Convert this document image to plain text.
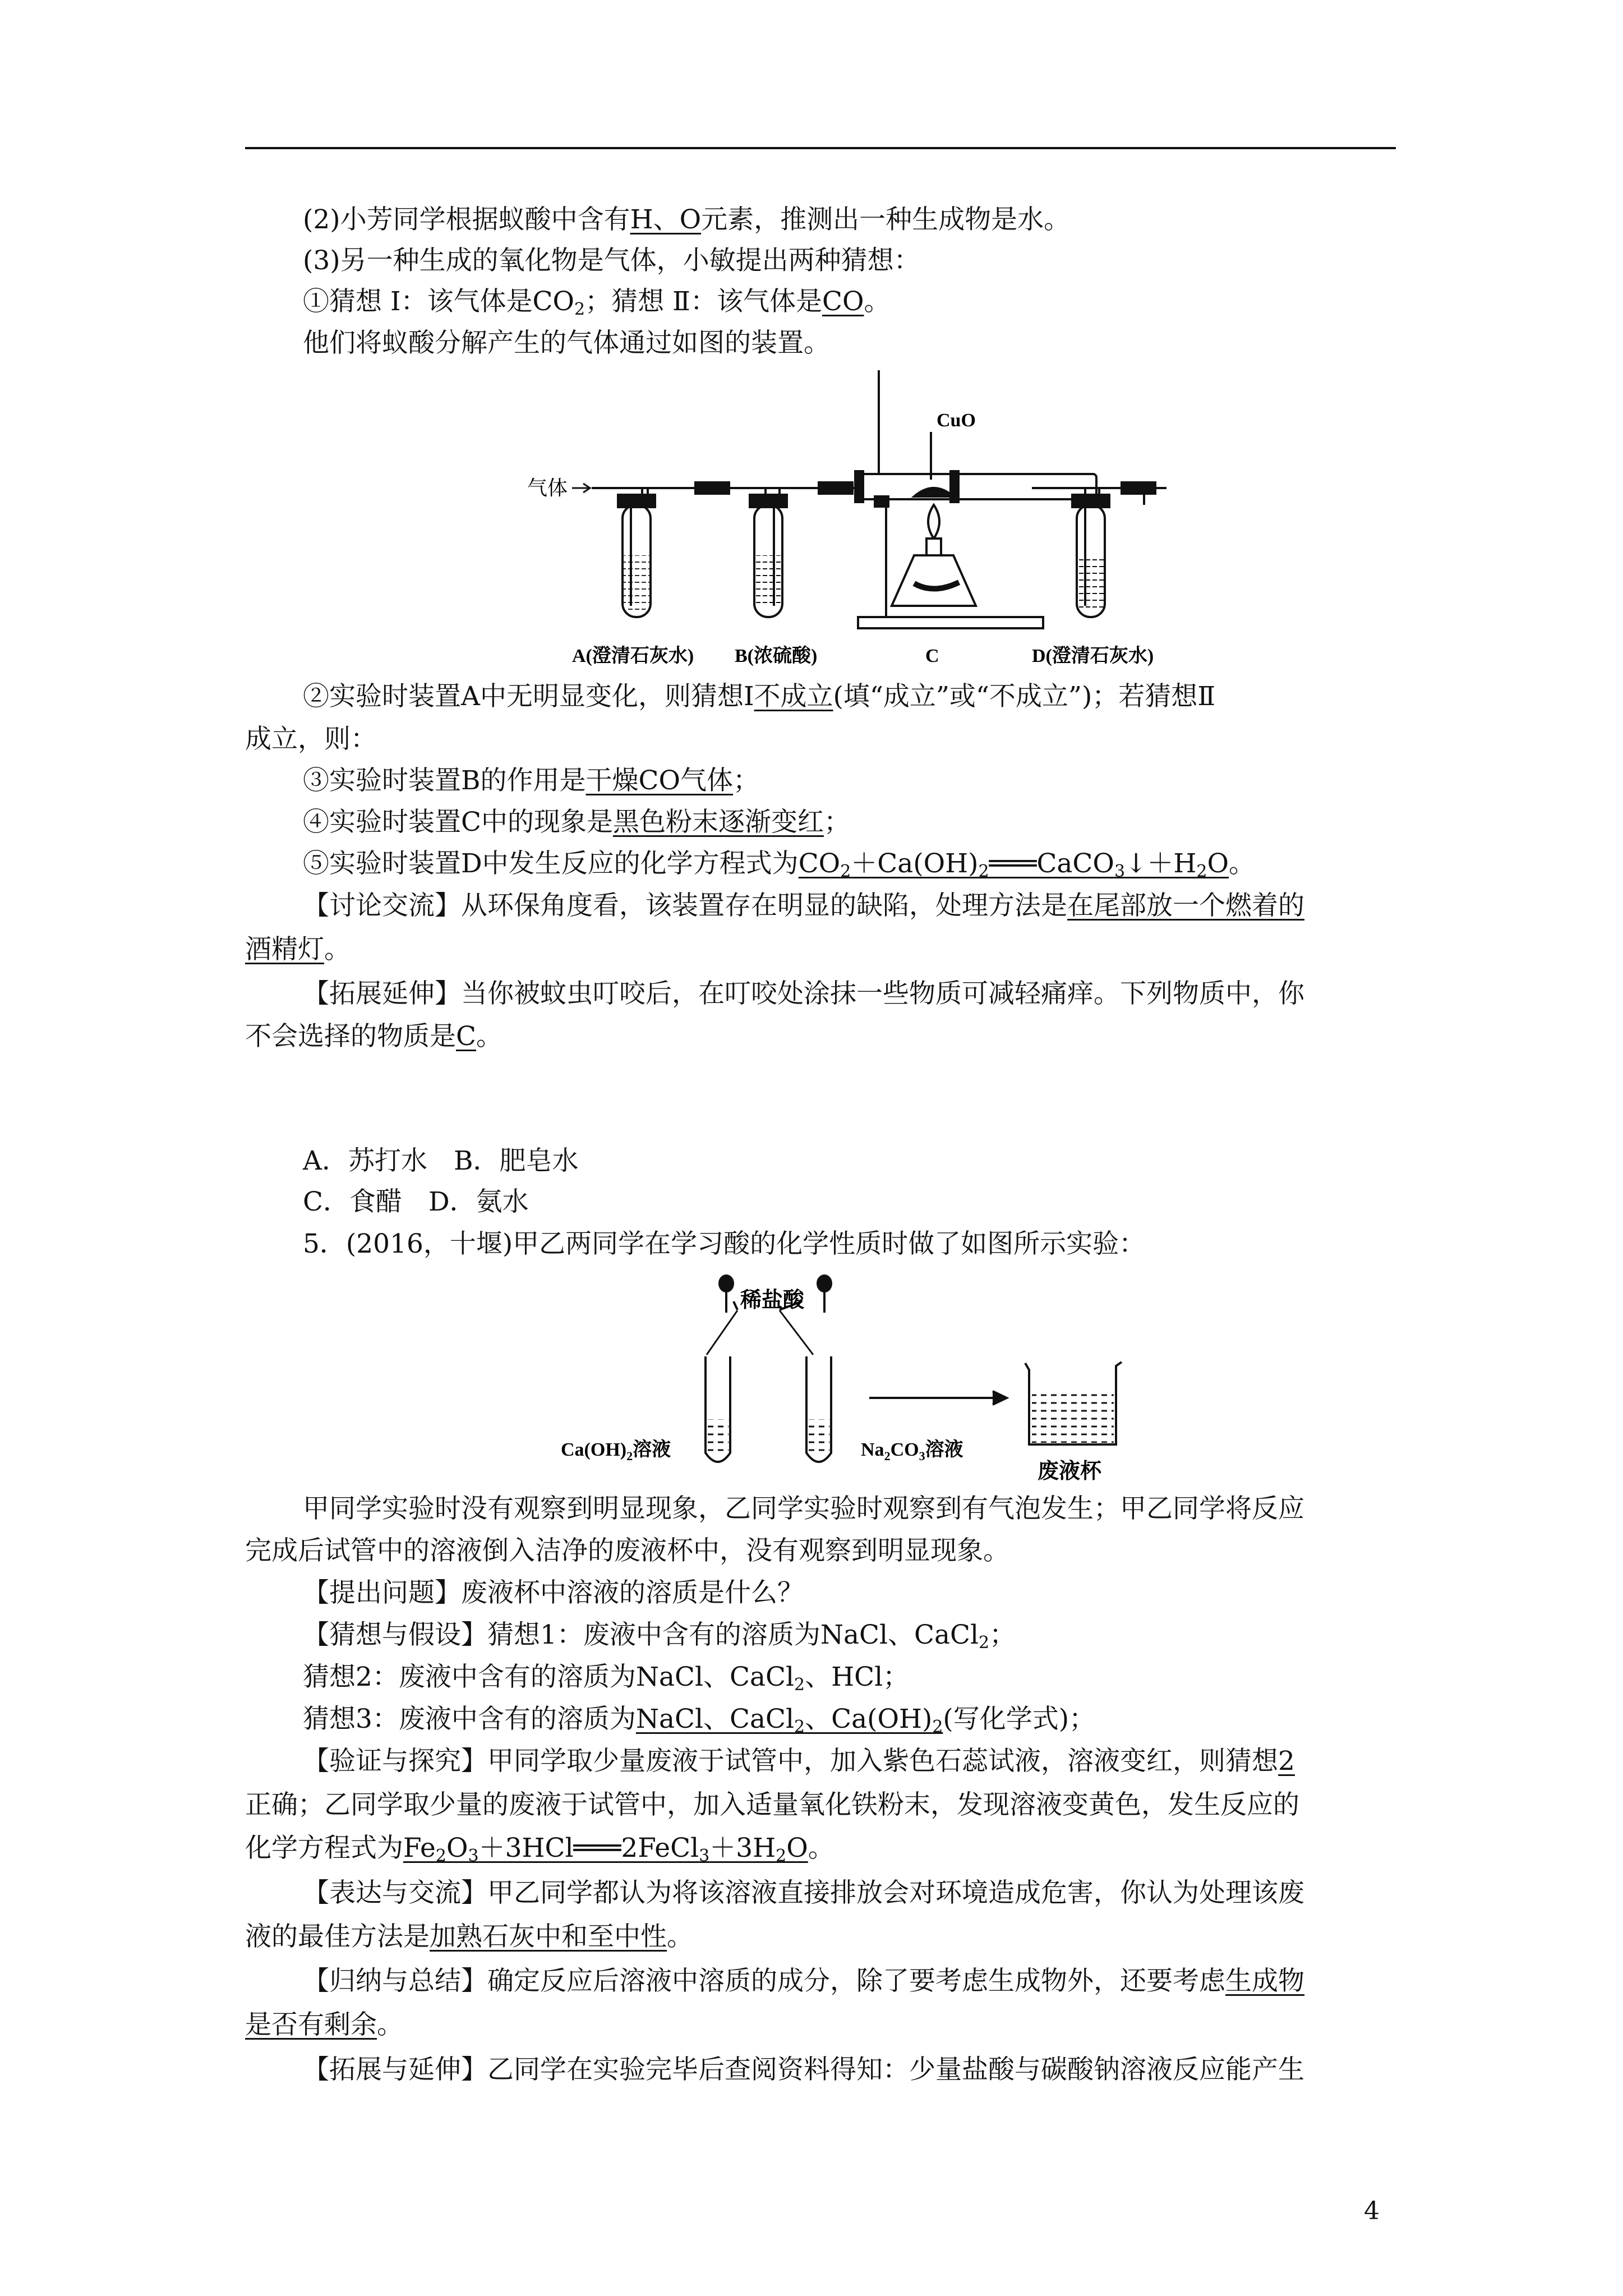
(2)小芳同学根据蚁酸中含有H、O元素，推测出一种生成物是水。
(3)另一种生成的氧化物是气体，小敏提出两种猜想：
①猜想 Ⅰ：该气体是$CO_2$；猜想 Ⅱ：该气体是CO。
他们将蚁酸分解产生的气体通过如图的装置。
气体
CuO
A(澄清石灰水) B(浓硫酸)	C	D(澄清石灰水)
②实验时装置A中无明显变化，则猜想Ⅰ不成立(填“成立”或“不成立”)；若猜想Ⅱ
成立，则：
③实验时装置B的作用是干燥CO气体；
④实验时装置C中的现象是黑色粉末逐渐变红；
⑤实验时装置D中发生反应的化学方程式为$CO_2+Ca(OH)_2═══CaCO_3↓+H_2O$。
【讨论交流】从环保角度看，该装置存在明显的缺陷，处理方法是在尾部放一个燃着的
酒精灯。
【拓展延伸】当你被蚊虫叮咬后，在叮咬处涂抹一些物质可减轻痛痒。下列物质中，你
不会选择的物质是C。
A．苏打水　B．肥皂水
C．食醋　D．氨水
5．(2016，十堰)甲乙两同学在学习酸的化学性质时做了如图所示实验：
稀盐酸
$Ca(OH)_2$溶液	$Na_2CO_3$溶液
废液杯
甲同学实验时没有观察到明显现象，乙同学实验时观察到有气泡发生；甲乙同学将反应
完成后试管中的溶液倒入洁净的废液杯中，没有观察到明显现象。
【提出问题】废液杯中溶液的溶质是什么？
【猜想与假设】猜想1：废液中含有的溶质为NaCl、CaCl$_2$；
猜想2：废液中含有的溶质为NaCl、CaCl$_2$、HCl；
猜想3：废液中含有的溶质为NaCl、CaCl$_2$、$Ca(OH)_2$(写化学式)；
【验证与探究】甲同学取少量废液于试管中，加入紫色石蕊试液，溶液变红，则猜想2
正确；乙同学取少量的废液于试管中，加入适量氧化铁粉末，发现溶液变黄色，发生反应的
化学方程式为$Fe_2O_3+3HCl═══2FeCl_3+3H_2O$。
【表达与交流】甲乙同学都认为将该溶液直接排放会对环境造成危害，你认为处理该废
液的最佳方法是加熟石灰中和至中性。
【归纳与总结】确定反应后溶液中溶质的成分，除了要考虑生成物外，还要考虑生成物
是否有剩余。
【拓展与延伸】乙同学在实验完毕后查阅资料得知：少量盐酸与碳酸钠溶液反应能产生
4
